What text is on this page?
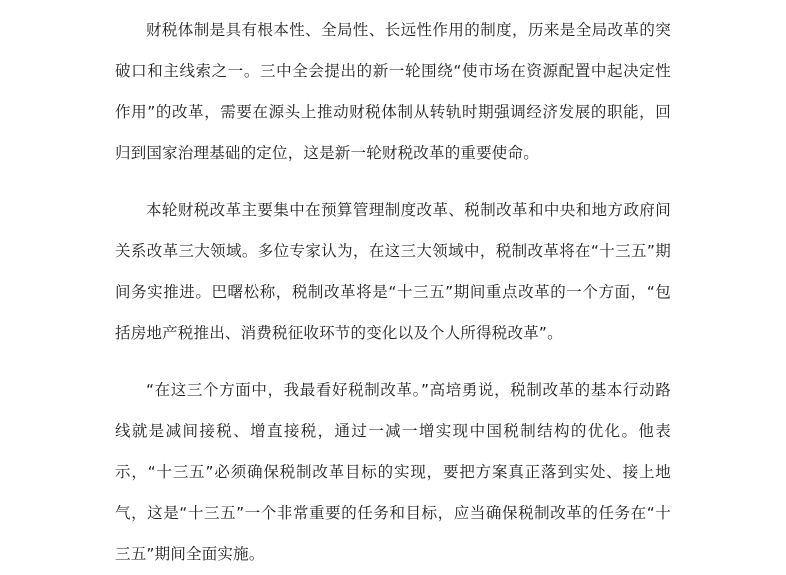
财税体制是具有根本性、全局性、长远性作用的制度，历来是全局改革的突破口和主线索之一。三中全会提出的新一轮围绕“使市场在资源配置中起决定性作用”的改革，需要在源头上推动财税体制从转轨时期强调经济发展的职能，回归到国家治理基础的定位，这是新一轮财税改革的重要使命。

本轮财税改革主要集中在预算管理制度改革、税制改革和中央和地方政府间关系改革三大领域。多位专家认为，在这三大领域中，税制改革将在“十三五”期间务实推进。巴曙松称，税制改革将是“十三五”期间重点改革的一个方面，“包括房地产税推出、消费税征收环节的变化以及个人所得税改革”。

“在这三个方面中，我最看好税制改革。”高培勇说，税制改革的基本行动路线就是减间接税、增直接税，通过一减一增实现中国税制结构的优化。他表示，“十三五”必须确保税制改革目标的实现，要把方案真正落到实处、接上地气，这是“十三五”一个非常重要的任务和目标，应当确保税制改革的任务在“十三五”期间全面实施。
